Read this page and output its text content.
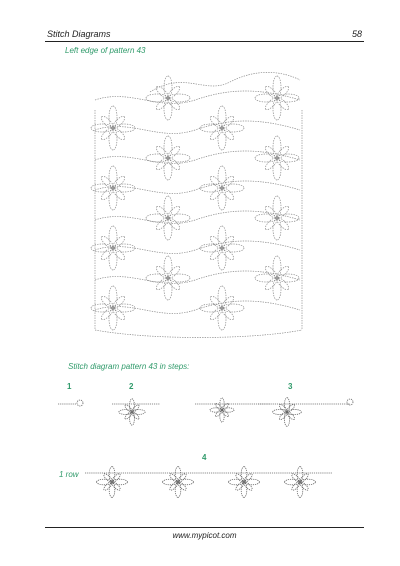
Stitch Diagrams	58
Left edge of pattern 43
Stitch diagram pattern 43 in steps:
1	2	3
4
1 row
www.mypicot.com
